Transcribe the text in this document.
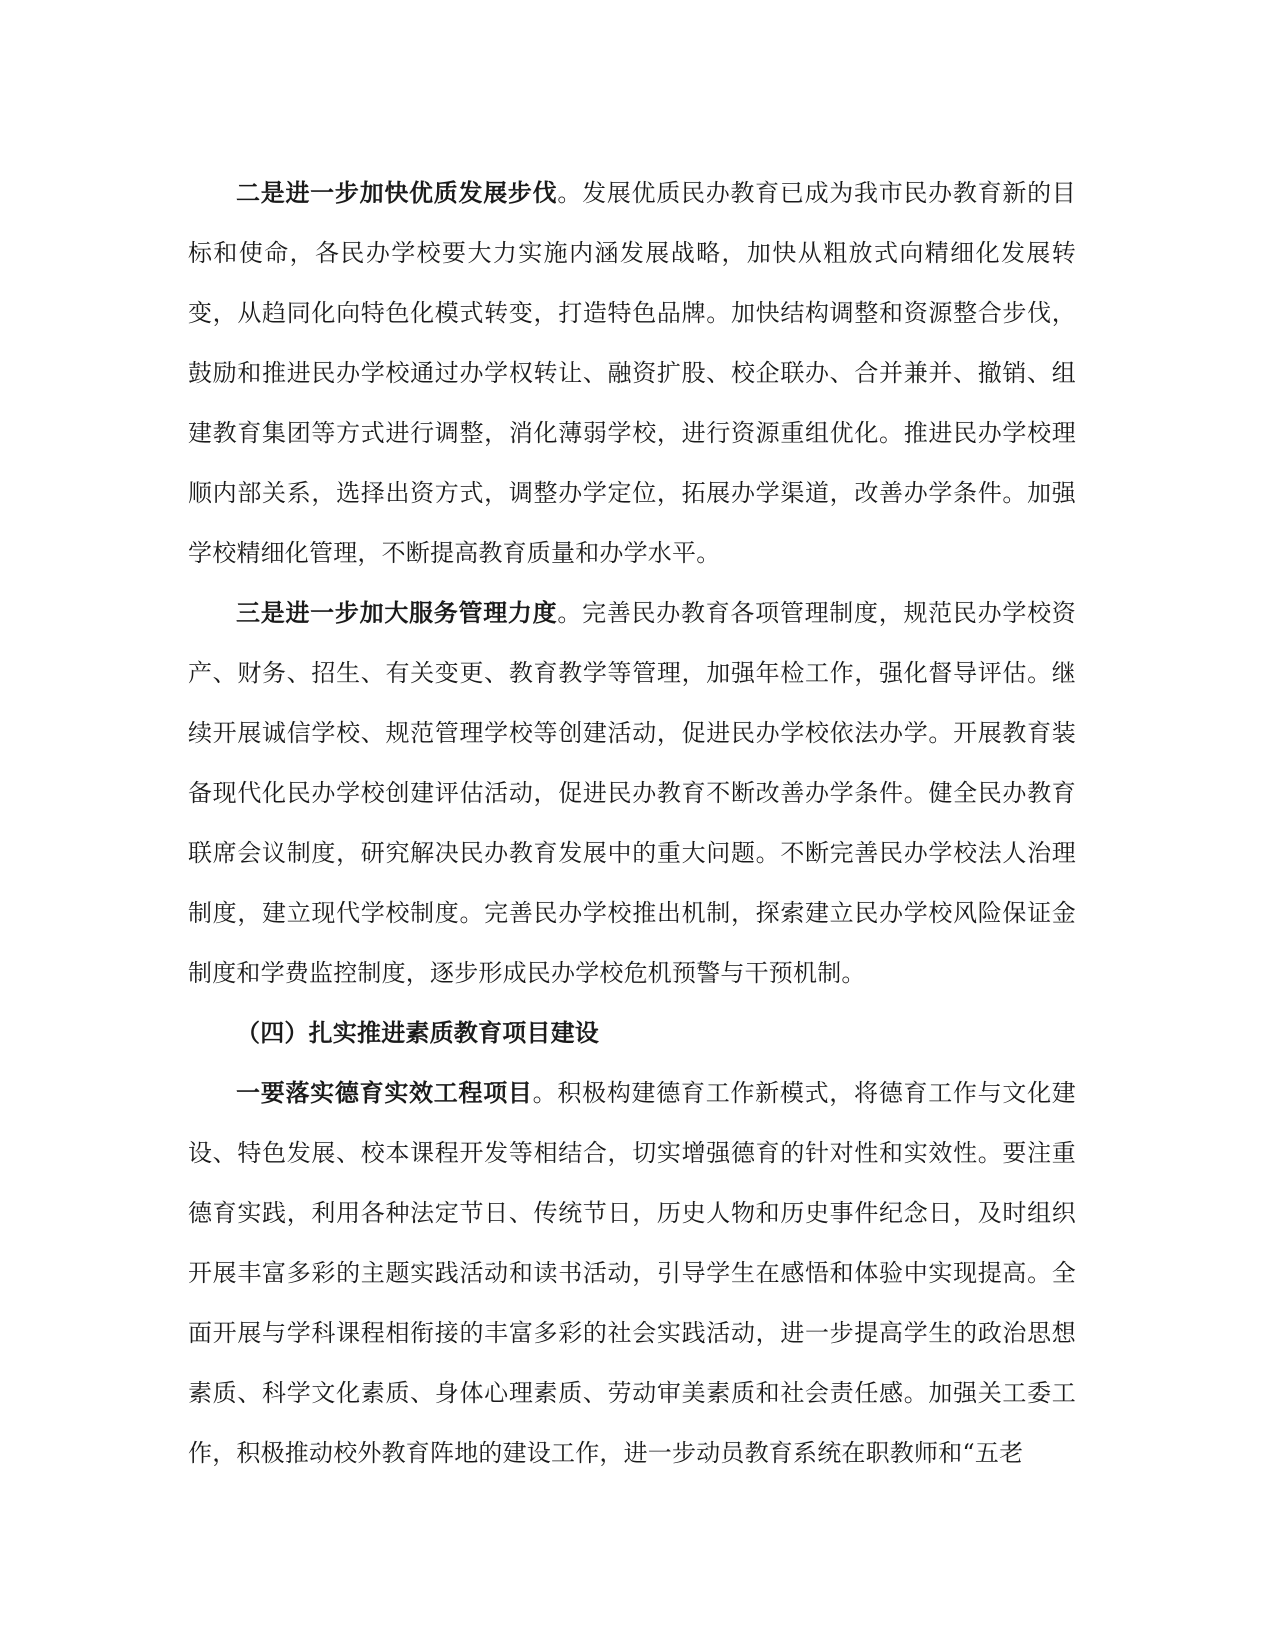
二是进一步加快优质发展步伐。发展优质民办教育已成为我市民办教育新的目标和使命，各民办学校要大力实施内涵发展战略，加快从粗放式向精细化发展转变，从趋同化向特色化模式转变，打造特色品牌。加快结构调整和资源整合步伐，鼓励和推进民办学校通过办学权转让、融资扩股、校企联办、合并兼并、撤销、组建教育集团等方式进行调整，消化薄弱学校，进行资源重组优化。推进民办学校理顺内部关系，选择出资方式，调整办学定位，拓展办学渠道，改善办学条件。加强学校精细化管理，不断提高教育质量和办学水平。

三是进一步加大服务管理力度。完善民办教育各项管理制度，规范民办学校资产、财务、招生、有关变更、教育教学等管理，加强年检工作，强化督导评估。继续开展诚信学校、规范管理学校等创建活动，促进民办学校依法办学。开展教育装备现代化民办学校创建评估活动，促进民办教育不断改善办学条件。健全民办教育联席会议制度，研究解决民办教育发展中的重大问题。不断完善民办学校法人治理制度，建立现代学校制度。完善民办学校推出机制，探索建立民办学校风险保证金制度和学费监控制度，逐步形成民办学校危机预警与干预机制。

（四）扎实推进素质教育项目建设

一要落实德育实效工程项目。积极构建德育工作新模式，将德育工作与文化建设、特色发展、校本课程开发等相结合，切实增强德育的针对性和实效性。要注重德育实践，利用各种法定节日、传统节日，历史人物和历史事件纪念日，及时组织开展丰富多彩的主题实践活动和读书活动，引导学生在感悟和体验中实现提高。全面开展与学科课程相衔接的丰富多彩的社会实践活动，进一步提高学生的政治思想素质、科学文化素质、身体心理素质、劳动审美素质和社会责任感。加强关工委工作，积极推动校外教育阵地的建设工作，进一步动员教育系统在职教师和“五老
